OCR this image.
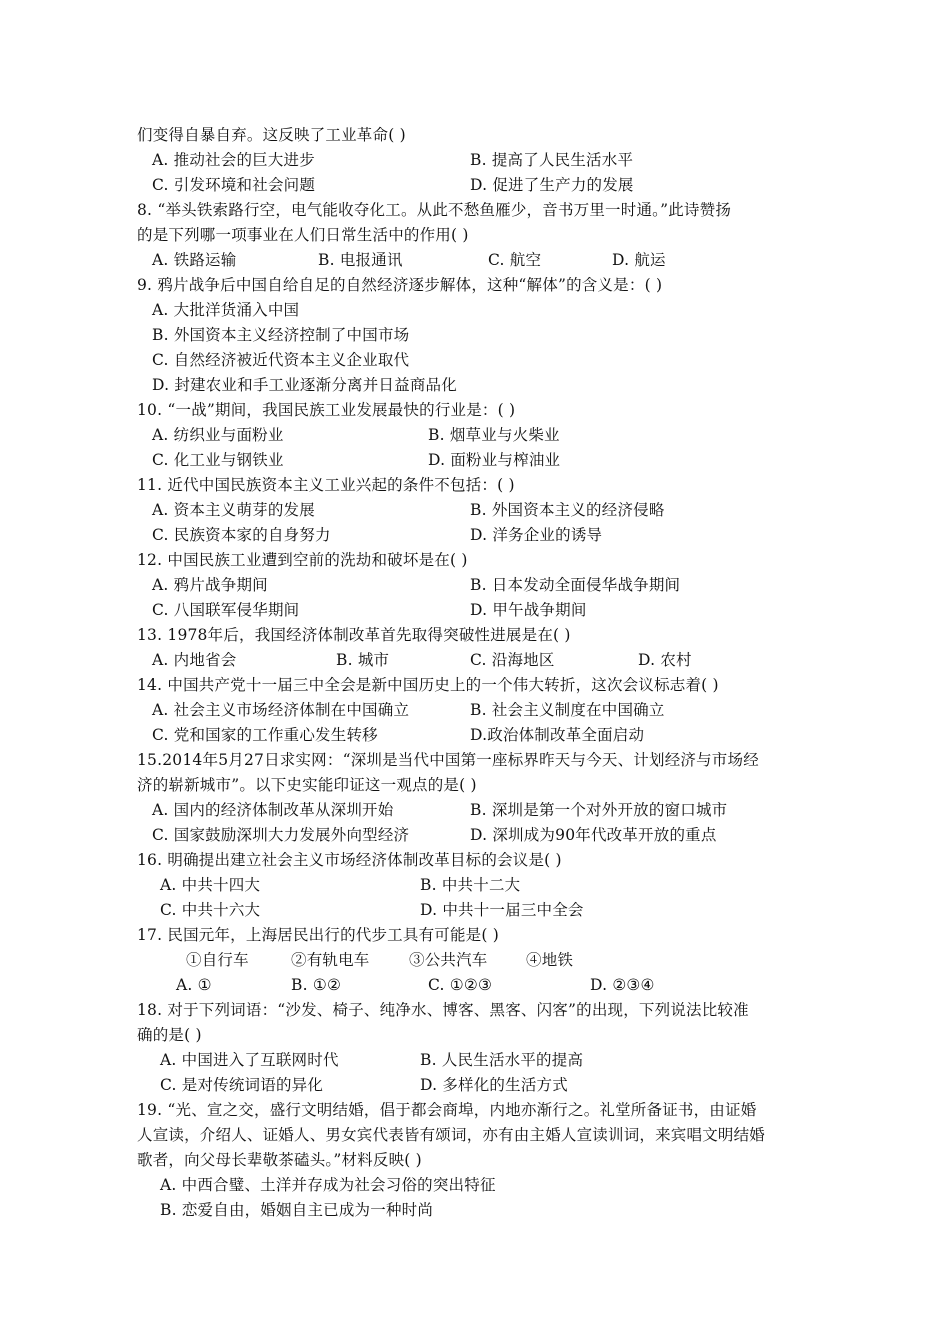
们变得自暴自弃。这反映了工业革命( )
A. 推动社会的巨大进步	B. 提高了人民生活水平
C. 引发环境和社会问题	D. 促进了生产力的发展
8. “举头铁索路行空，电气能收夺化工。从此不愁鱼雁少，音书万里一时通。”此诗赞扬
的是下列哪一项事业在人们日常生活中的作用( )
A. 铁路运输	B. 电报通讯	C. 航空	D. 航运
9. 鸦片战争后中国自给自足的自然经济逐步解体，这种“解体”的含义是：( )
A. 大批洋货涌入中国
B. 外国资本主义经济控制了中国市场
C. 自然经济被近代资本主义企业取代
D. 封建农业和手工业逐渐分离并日益商品化
10. “一战”期间，我国民族工业发展最快的行业是：( )
A. 纺织业与面粉业	B. 烟草业与火柴业
C. 化工业与钢铁业	D. 面粉业与榨油业
11. 近代中国民族资本主义工业兴起的条件不包括：( )
A. 资本主义萌芽的发展	B. 外国资本主义的经济侵略
C. 民族资本家的自身努力	D. 洋务企业的诱导
12. 中国民族工业遭到空前的洗劫和破坏是在( )
A. 鸦片战争期间	B. 日本发动全面侵华战争期间
C. 八国联军侵华期间	D. 甲午战争期间
13. 1978年后，我国经济体制改革首先取得突破性进展是在( )
A. 内地省会	B. 城市	C. 沿海地区	D. 农村
14. 中国共产党十一届三中全会是新中国历史上的一个伟大转折，这次会议标志着( )
A. 社会主义市场经济体制在中国确立	B. 社会主义制度在中国确立
C. 党和国家的工作重心发生转移	D.政治体制改革全面启动
15.2014年5月27日求实网：“深圳是当代中国第一座标界昨天与今天、计划经济与市场经
济的崭新城市”。以下史实能印证这一观点的是( )
A. 国内的经济体制改革从深圳开始	B. 深圳是第一个对外开放的窗口城市
C. 国家鼓励深圳大力发展外向型经济	D. 深圳成为90年代改革开放的重点
16. 明确提出建立社会主义市场经济体制改革目标的会议是( )
A. 中共十四大	B. 中共十二大
C. 中共十六大	D. 中共十一届三中全会
17. 民国元年，上海居民出行的代步工具有可能是( )
①自行车	②有轨电车	③公共汽车 ④地铁
A. ①	B. ①②	C. ①②③	D. ②③④
18. 对于下列词语：“沙发、椅子、纯净水、博客、黑客、闪客”的出现，下列说法比较准
确的是( )
A. 中国进入了互联网时代	B. 人民生活水平的提高
C. 是对传统词语的异化	D. 多样化的生活方式
19. “光、宣之交，盛行文明结婚，倡于都会商埠，内地亦渐行之。礼堂所备证书，由证婚
人宣读，介绍人、证婚人、男女宾代表皆有颂词，亦有由主婚人宣读训词，来宾唱文明结婚
歌者，向父母长辈敬茶磕头。”材料反映( )
A. 中西合璧、土洋并存成为社会习俗的突出特征
B. 恋爱自由，婚姻自主已成为一种时尚
